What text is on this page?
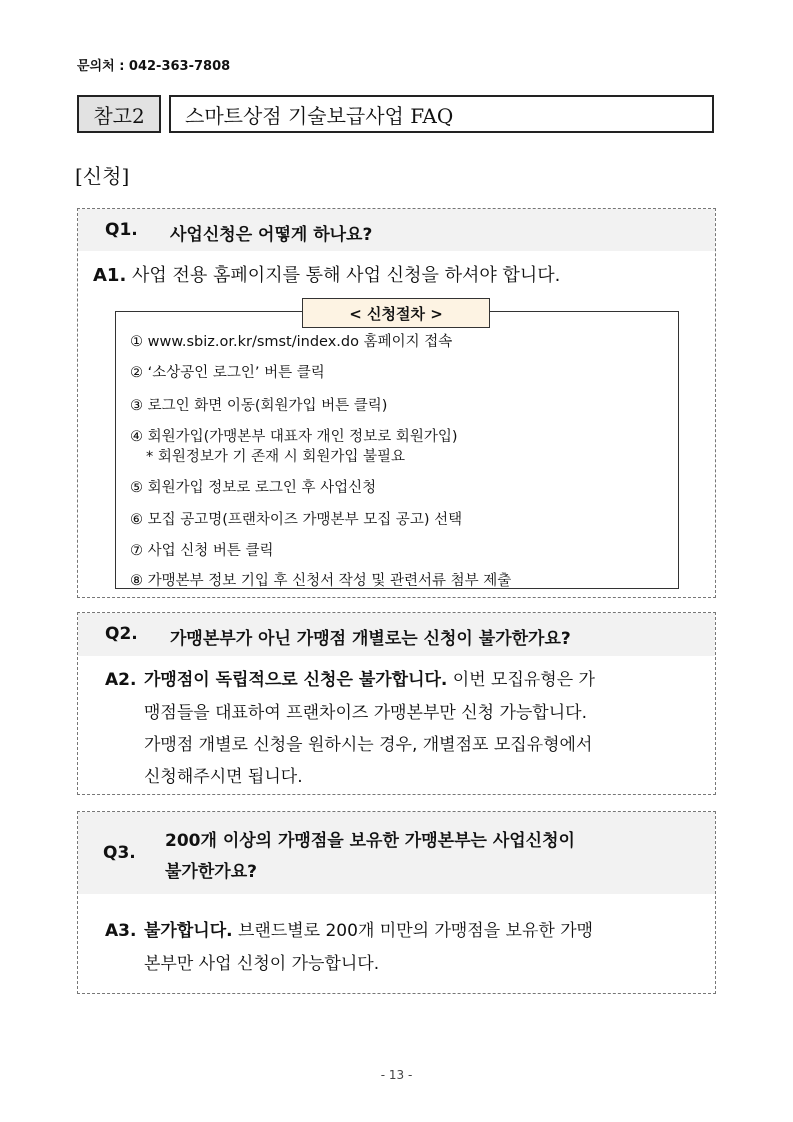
문의처 : 042-363-7808
참고2	스마트상점 기술보급사업 FAQ
[신청]
Q1. 사업신청은 어떻게 하나요?
A1. 사업 전용 홈페이지를 통해 사업 신청을 하셔야 합니다.
< 신청절차 >
① www.sbiz.or.kr/smst/index.do 홈페이지 접속
② ‘소상공인 로그인’ 버튼 클릭
③ 로그인 화면 이동(회원가입 버튼 클릭)
④ 회원가입(가맹본부 대표자 개인 정보로 회원가입)
* 회원정보가 기 존재 시 회원가입 불필요
⑤ 회원가입 정보로 로그인 후 사업신청
⑥ 모집 공고명(프랜차이즈 가맹본부 모집 공고) 선택
⑦ 사업 신청 버튼 클릭
⑧ 가맹본부 정보 기입 후 신청서 작성 및 관련서류 첨부 제출
Q2. 가맹본부가 아닌 가맹점 개별로는 신청이 불가한가요?
A2. 가맹점이 독립적으로 신청은 불가합니다. 이번 모집유형은 가
맹점들을 대표하여 프랜차이즈 가맹본부만 신청 가능합니다.
가맹점 개별로 신청을 원하시는 경우, 개별점포 모집유형에서
신청해주시면 됩니다.
Q3.
200개 이상의 가맹점을 보유한 가맹본부는 사업신청이
불가한가요?
A3. 불가합니다. 브랜드별로 200개 미만의 가맹점을 보유한 가맹
본부만 사업 신청이 가능합니다.
- 13 -
